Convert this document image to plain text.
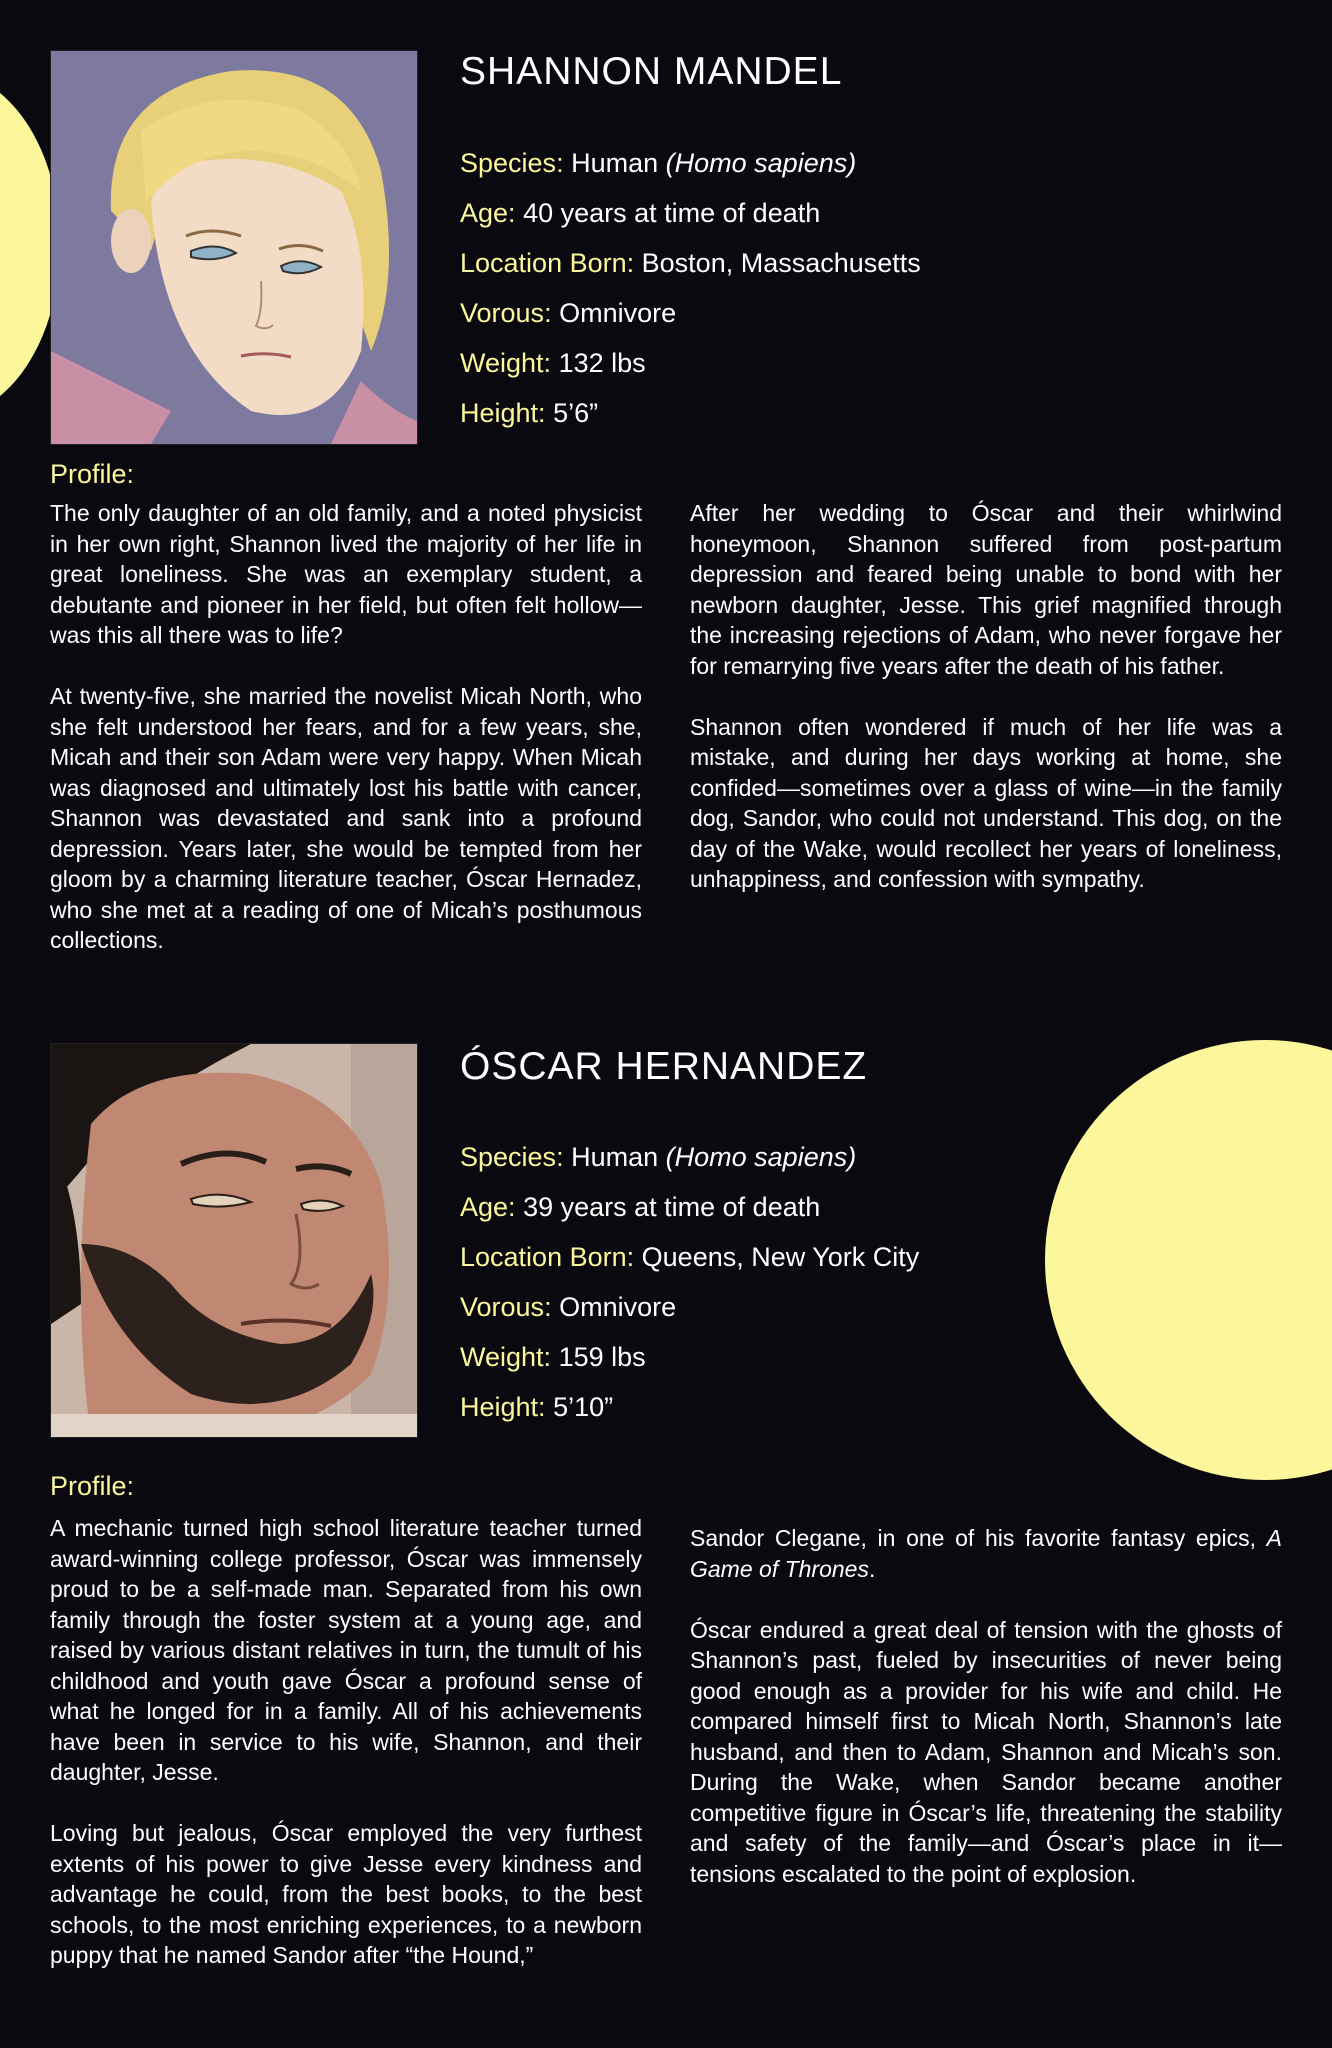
SHANNON MANDEL
Species : Human (Homo sapiens)
Age : 40 years at time of death
Location Born : Boston, Massachusetts
Vorous : Omnivore
Weight : 132 lbs
Height : 5’6”
Profile:

The only daughter of an old family, and a noted physicist in her own right, Shannon lived the majority of her life in great loneliness. She was an exemplary student, a debutante and pioneer in her field, but often felt hollow—was this all there was to life?

At twenty-five, she married the novelist Micah North, who she felt understood her fears, and for a few years, she, Micah and their son Adam were very happy. When Micah was diagnosed and ultimately lost his battle with cancer, Shannon was devastated and sank into a profound depression. Years later, she would be tempted from her gloom by a charming literature teacher, Óscar Hernadez, who she met at a reading of one of Micah’s posthumous collections.

After her wedding to Óscar and their whirlwind honeymoon, Shannon suffered from post-partum depression and feared being unable to bond with her newborn daughter, Jesse. This grief magnified through the increasing rejections of Adam, who never forgave her for remarrying five years after the death of his father.

Shannon often wondered if much of her life was a mistake, and during her days working at home, she confided—sometimes over a glass of wine—in the family dog, Sandor, who could not understand. This dog, on the day of the Wake, would recollect her years of loneliness, unhappiness, and confession with sympathy.

ÓSCAR HERNANDEZ
Species : Human (Homo sapiens)
Age : 39 years at time of death
Location Born : Queens, New York City
Vorous : Omnivore
Weight : 159 lbs
Height : 5’10”
Profile:

A mechanic turned high school literature teacher turned award-winning college professor, Óscar was immensely proud to be a self-made man. Separated from his own family through the foster system at a young age, and raised by various distant relatives in turn, the tumult of his childhood and youth gave Óscar a profound sense of what he longed for in a family. All of his achievements have been in service to his wife, Shannon, and their daughter, Jesse.

Loving but jealous, Óscar employed the very furthest extents of his power to give Jesse every kindness and advantage he could, from the best books, to the best schools, to the most enriching experiences, to a newborn puppy that he named Sandor after “the Hound,”

Sandor Clegane, in one of his favorite fantasy epics, A Game of Thrones.

Óscar endured a great deal of tension with the ghosts of Shannon’s past, fueled by insecurities of never being good enough as a provider for his wife and child. He compared himself first to Micah North, Shannon’s late husband, and then to Adam, Shannon and Micah’s son. During the Wake, when Sandor became another competitive figure in Óscar’s life, threatening the stability and safety of the family—and Óscar’s place in it—tensions escalated to the point of explosion.
